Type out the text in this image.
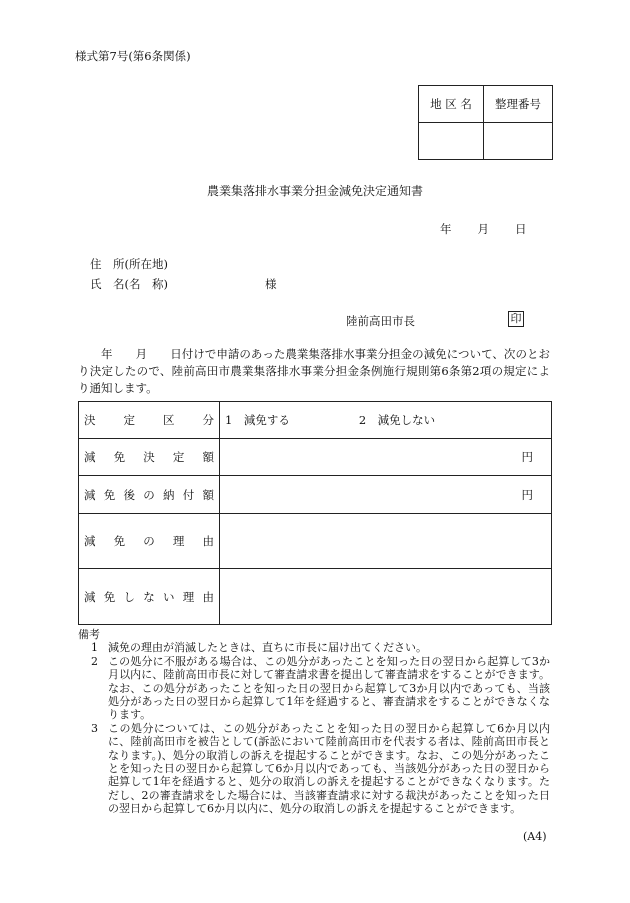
様式第7号(第6条関係)
地 区 名	整理番号

農業集落排水事業分担金減免決定通知書
年 月 日
住　所(所在地)
氏　名(名　称)	様
陸前高田市長	印
　　年　　月　　日付けで申請のあった農業集落排水事業分担金の減免について、次のとおり決定したので、陸前高田市農業集落排水事業分担金条例施行規則第6条第2項の規定により通知します。
決定区分	1　減免する　　　　　　2　減免しない
減免決定額	円
減免後の納付額	円
減免の理由	
減免しない理由	
備考
1 減免の理由が消滅したときは、直ちに市長に届け出てください。
2 この処分に不服がある場合は、この処分があったことを知った日の翌日から起算して3か月以内に、陸前高田市長に対して審査請求書を提出して審査請求をすることができます。なお、この処分があったことを知った日の翌日から起算して3か月以内であっても、当該処分があった日の翌日から起算して1年を経過すると、審査請求をすることができなくなります。
3 この処分については、この処分があったことを知った日の翌日から起算して6か月以内に、陸前高田市を被告として(訴訟において陸前高田市を代表する者は、陸前高田市長となります。)、処分の取消しの訴えを提起することができます。なお、この処分があったことを知った日の翌日から起算して6か月以内であっても、当該処分があった日の翌日から起算して1年を経過すると、処分の取消しの訴えを提起することができなくなります。ただし、2の審査請求をした場合には、当該審査請求に対する裁決があったことを知った日の翌日から起算して6か月以内に、処分の取消しの訴えを提起することができます。
(A4)
